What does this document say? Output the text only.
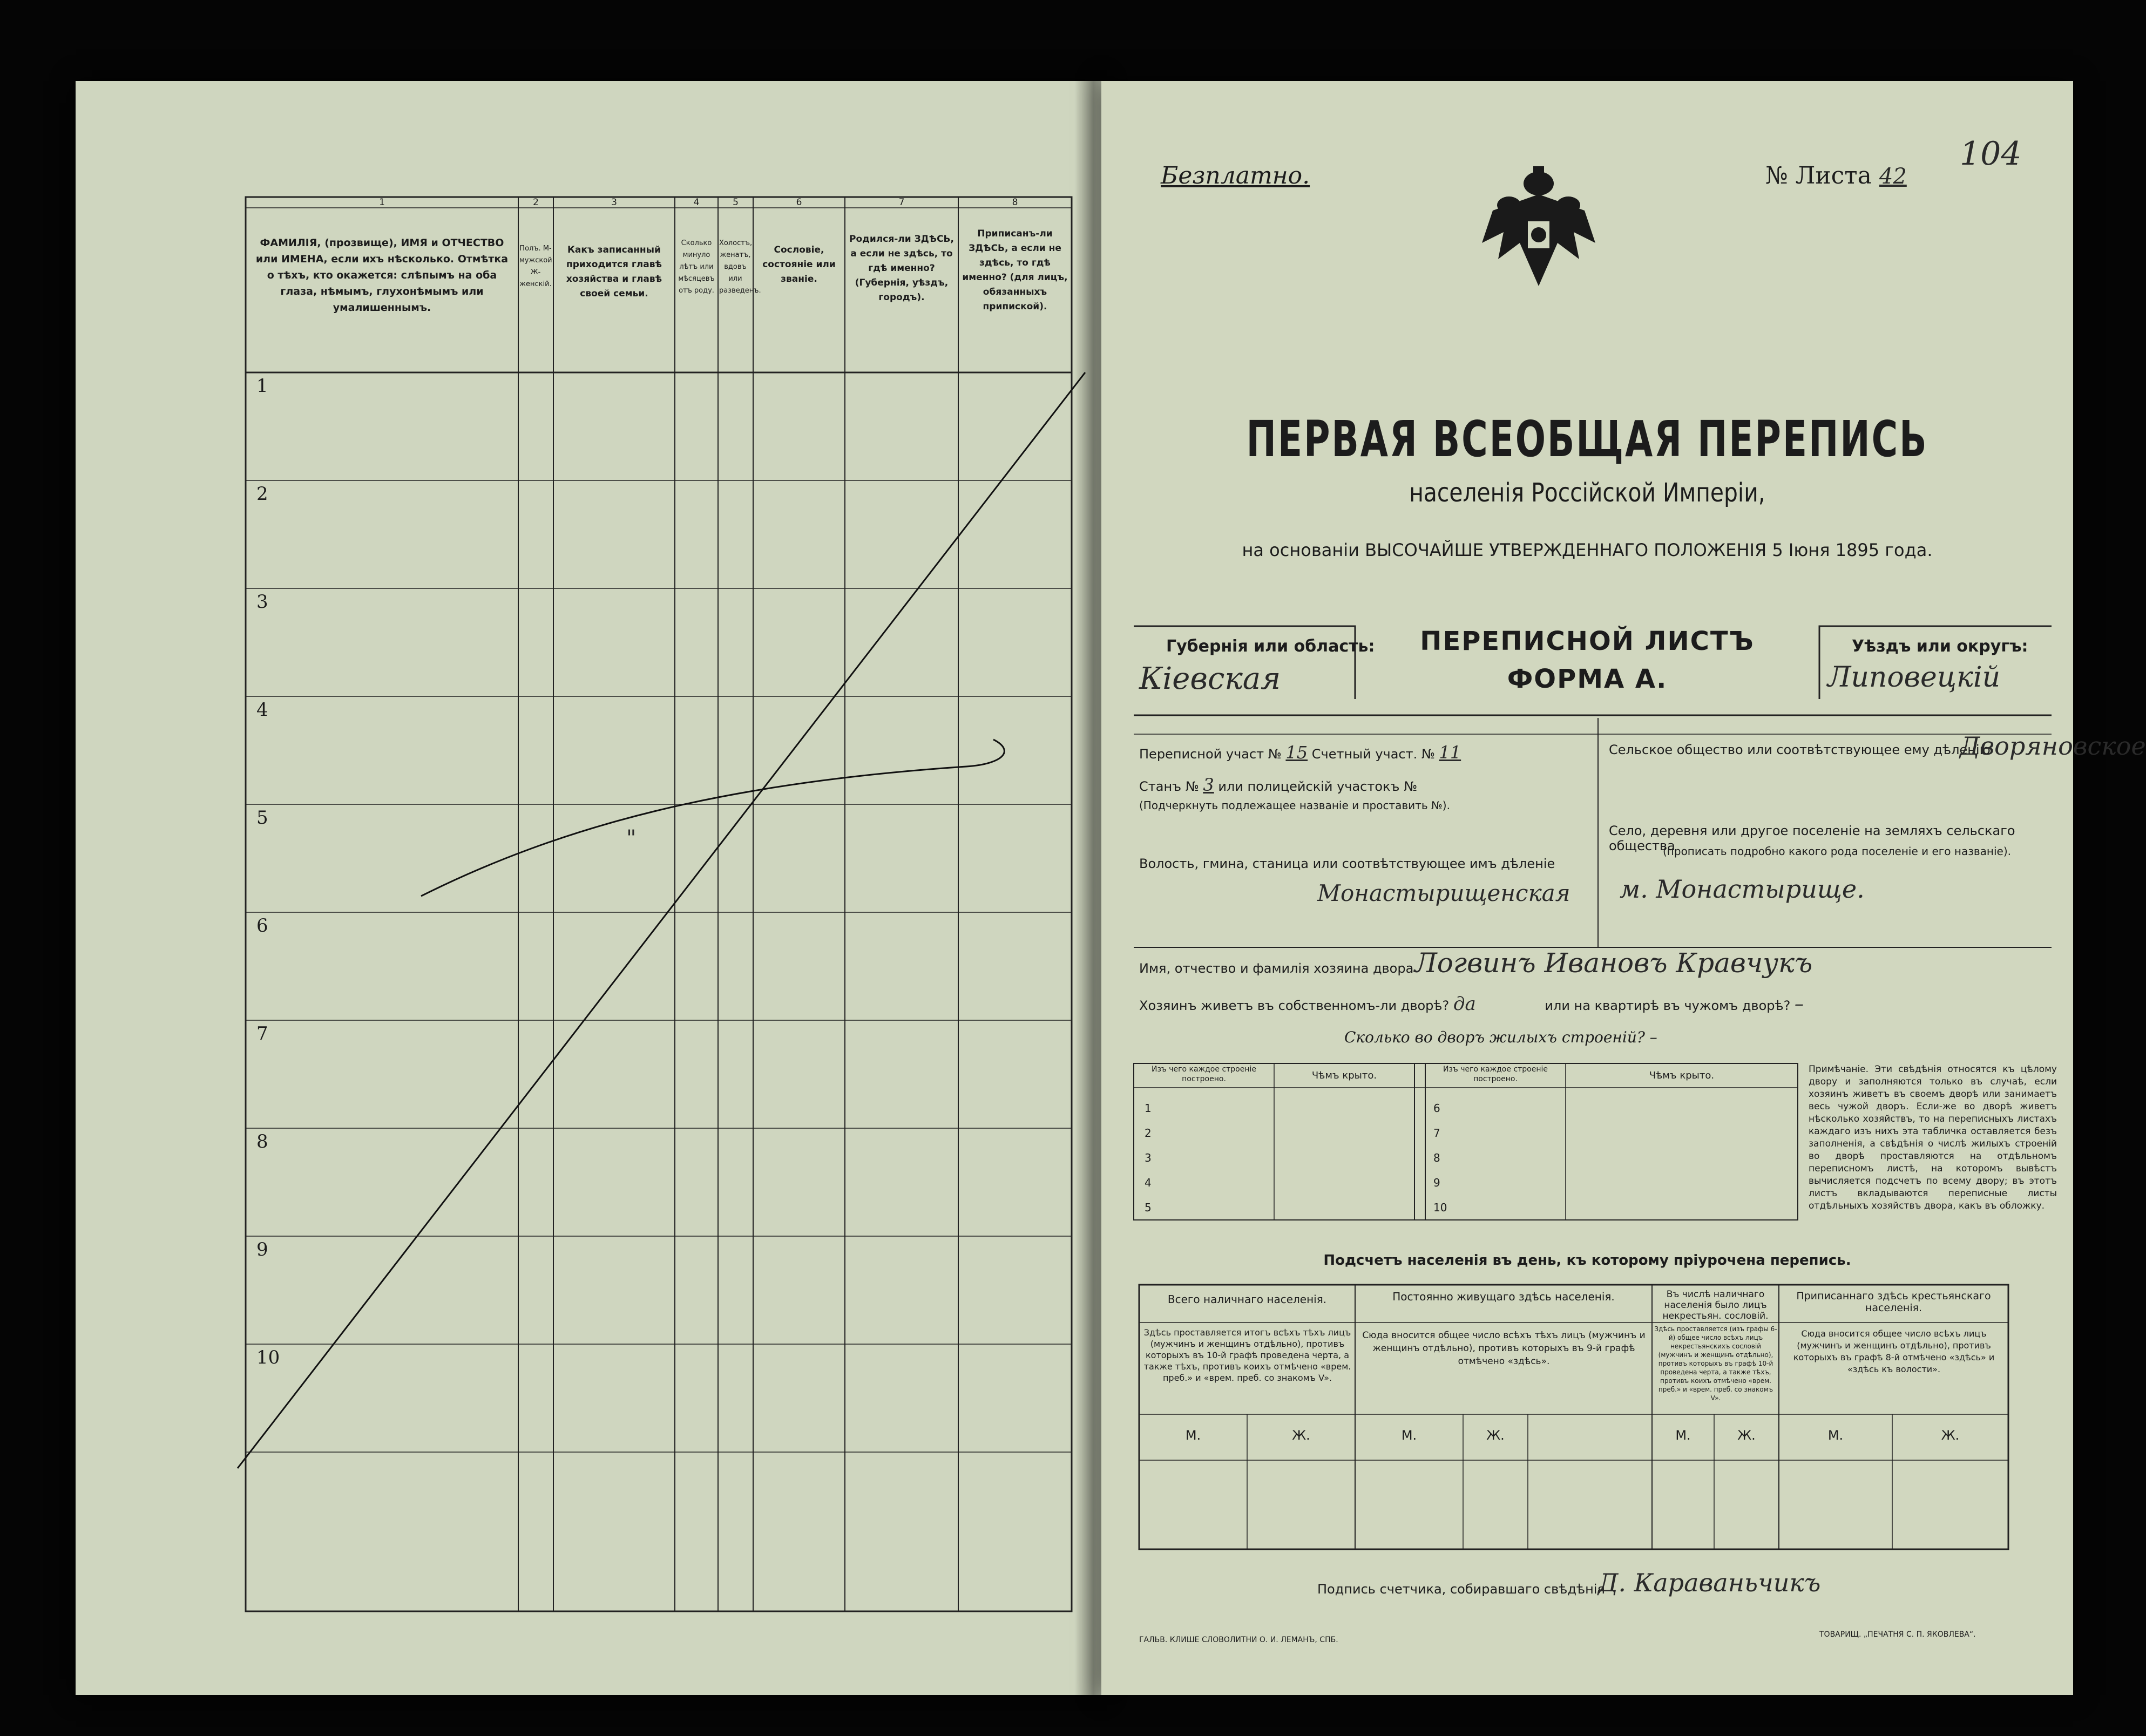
1	2	3	4	5	6	7	8
ФАМИЛІЯ, (прозвище), ИМЯ и ОТЧЕСТВО или ИМЕНА, если ихъ нѣсколько. Отмѣтка о тѣхъ, кто окажется: слѣпымъ на оба глаза, нѣмымъ, глухонѣмымъ или умалишеннымъ.
Полъ. М-мужской. Ж-женскій.
Какъ записанный приходится главѣ хозяйства и главѣ своей семьи.
Сколько минуло лѣтъ или мѣсяцевъ отъ роду.
Холостъ, женатъ, вдовъ или разведенъ.
Сословіе, состояніе или званіе.
Родился-ли ЗДѢСЬ, а если не здѣсь, то гдѣ именно? (Губернія, уѣздъ, городъ).
Приписанъ-ли ЗДѢСЬ, а если не здѣсь, то гдѣ именно? (для лицъ, обязанныхъ припиской).
1
2
3
4
5
6
7
8
9
10
"
Безплатно.	№ Листа 42
104
ПЕРВАЯ ВСЕОБЩАЯ ПЕРЕПИСЬ
населенія Россійской Имперіи,
на основаніи ВЫСОЧАЙШЕ УТВЕРЖДЕННАГО ПОЛОЖЕНІЯ 5 Іюня 1895 года.
Губернія или область:
Кіевская
ПЕРЕПИСНОЙ ЛИСТЪ
ФОРМА А.
Уѣздъ или округъ:
Липовецкій
Переписной участ № 15 Счетный участ. № 11
Станъ № 3 или полицейскій участокъ №
(Подчеркнуть подлежащее названіе и проставить №).
Волость, гмина, станица или соотвѣтствующее имъ дѣленіе
Монастырищенская
Сельское общество или соотвѣтствующее ему дѣленію
Дворяновское
Село, деревня или другое поселеніе на земляхъ сельскаго общества
(прописать подробно какого рода поселеніе и его названіе).
м. Монастырище.
Имя, отчество и фамилія хозяина двора Логвинъ Ивановъ Кравчукъ
Хозяинъ живетъ въ собственномъ-ли дворѣ? да	или на квартирѣ въ чужомъ дворѣ? –
Сколько во дворъ жилыхъ строеній? –
Изъ чего каждое строеніе построено.	Чѣмъ крыто.
Изъ чего каждое строеніе построено.	Чѣмъ крыто.
1
2
3
4
5
6
7
8
9
10
Примѣчаніе. Эти свѣдѣнія относятся къ цѣлому двору и заполняются только въ случаѣ, если хозяинъ живетъ въ своемъ дворѣ или занимаетъ весь чужой дворъ. Если-же во дворѣ живетъ нѣсколько хозяйствъ, то на переписныхъ листахъ каждаго изъ нихъ эта табличка оставляется безъ заполненія, а свѣдѣнія о числѣ жилыхъ строеній во дворѣ проставляются на отдѣльномъ переписномъ листѣ, на которомъ вывѣстъ вычисляется подсчетъ по всему двору; въ этотъ листъ вкладываются переписные листы отдѣльныхъ хозяйствъ двора, какъ въ обложку.
Подсчетъ населенія въ день, къ которому пріурочена перепись.
Всего наличнаго населенія.	Постоянно живущаго здѣсь населенія.	Въ числѣ наличнаго населенія было лицъ некрестьян. сословій.
Приписаннаго здѣсь крестьянскаго населенія.
Здѣсь проставляется итогъ всѣхъ тѣхъ лицъ (мужчинъ и женщинъ отдѣльно), противъ которыхъ въ 10-й графѣ проведена черта, а также тѣхъ, противъ коихъ отмѣчено «врем. преб.» и «врем. преб. со знакомъ V».
Сюда вносится общее число всѣхъ тѣхъ лицъ (мужчинъ и женщинъ отдѣльно), противъ которыхъ въ 9-й графѣ отмѣчено «здѣсь».
Здѣсь проставляется (изъ графы 6-й) общее число всѣхъ лицъ некрестьянскихъ сословій (мужчинъ и женщинъ отдѣльно), противъ которыхъ въ графѣ 10-й проведена черта, а также тѣхъ, противъ коихъ отмѣчено «врем. преб.» и «врем. преб. со знакомъ V».
Сюда вносится общее число всѣхъ лицъ (мужчинъ и женщинъ отдѣльно), противъ которыхъ въ графѣ 8-й отмѣчено «здѣсь» и «здѣсь къ волости».
М.	Ж.	М.	Ж.	М.	Ж.	М.	Ж.
Подпись счетчика, собиравшаго свѣдѣнія
Д. Караваньчикъ
ГАЛЬВ. КЛИШЕ СЛОВОЛИТНИ О. И. ЛЕМАНЪ, СПБ.
ТОВАРИЩ. „ПЕЧАТНЯ С. П. ЯКОВЛЕВА“.
